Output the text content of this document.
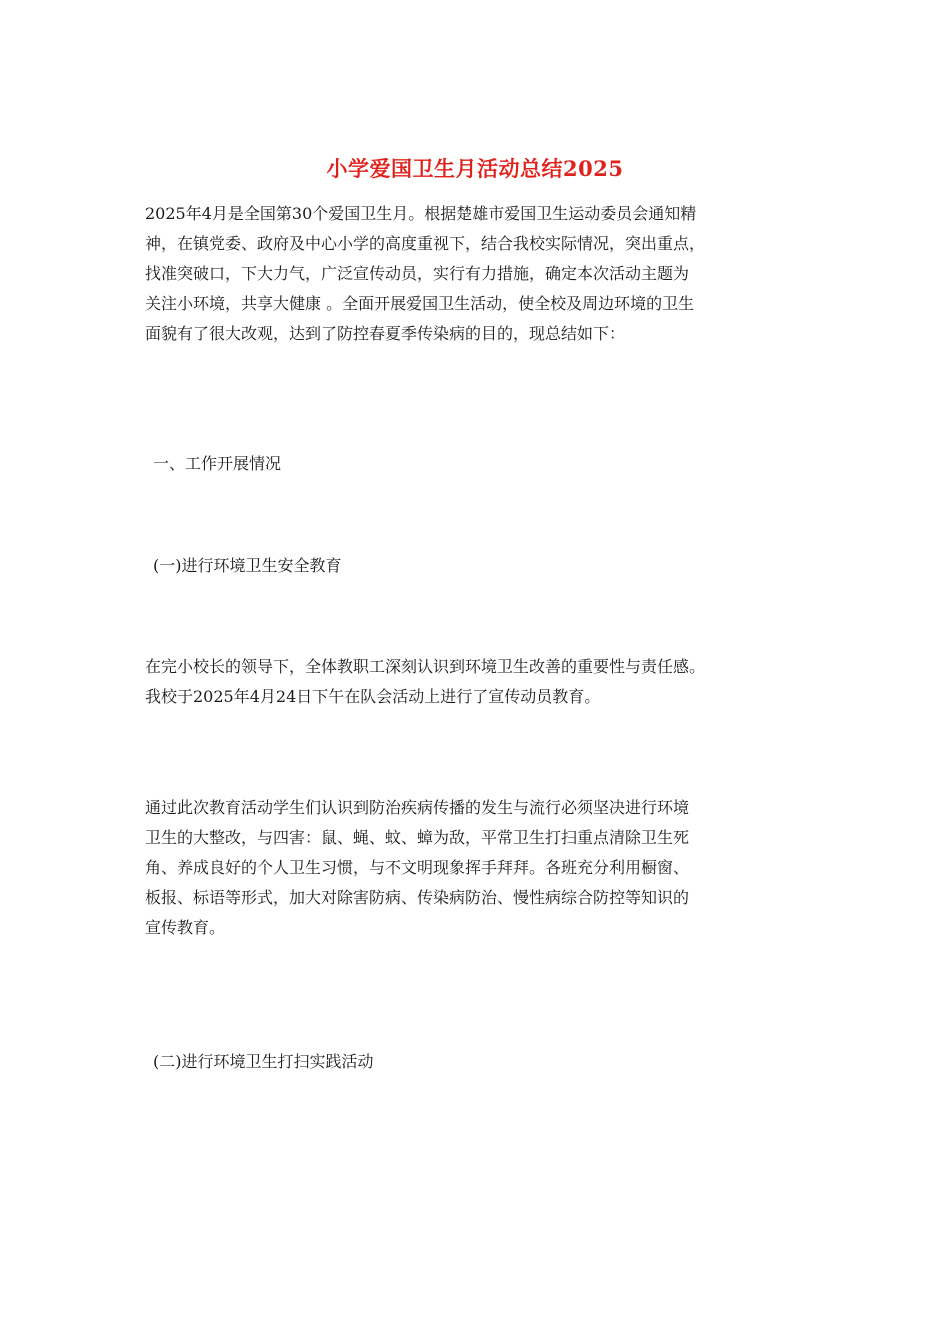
小学爱国卫生月活动总结2025

2025年4月是全国第30个爱国卫生月。根据楚雄市爱国卫生运动委员会通知精
神，在镇党委、政府及中心小学的高度重视下，结合我校实际情况，突出重点，
找准突破口，下大力气，广泛宣传动员，实行有力措施，确定本次活动主题为
关注小环境，共享大健康 。全面开展爱国卫生活动，使全校及周边环境的卫生
面貌有了很大改观，达到了防控春夏季传染病的目的，现总结如下：

一、工作开展情况

(一)进行环境卫生安全教育

在完小校长的领导下，全体教职工深刻认识到环境卫生改善的重要性与责任感。
我校于2025年4月24日下午在队会活动上进行了宣传动员教育。

通过此次教育活动学生们认识到防治疾病传播的发生与流行必须坚决进行环境
卫生的大整改，与四害：鼠、蝇、蚊、蟑为敌，平常卫生打扫重点清除卫生死
角、养成良好的个人卫生习惯，与不文明现象挥手拜拜。各班充分利用橱窗、
板报、标语等形式，加大对除害防病、传染病防治、慢性病综合防控等知识的
宣传教育。

(二)进行环境卫生打扫实践活动
